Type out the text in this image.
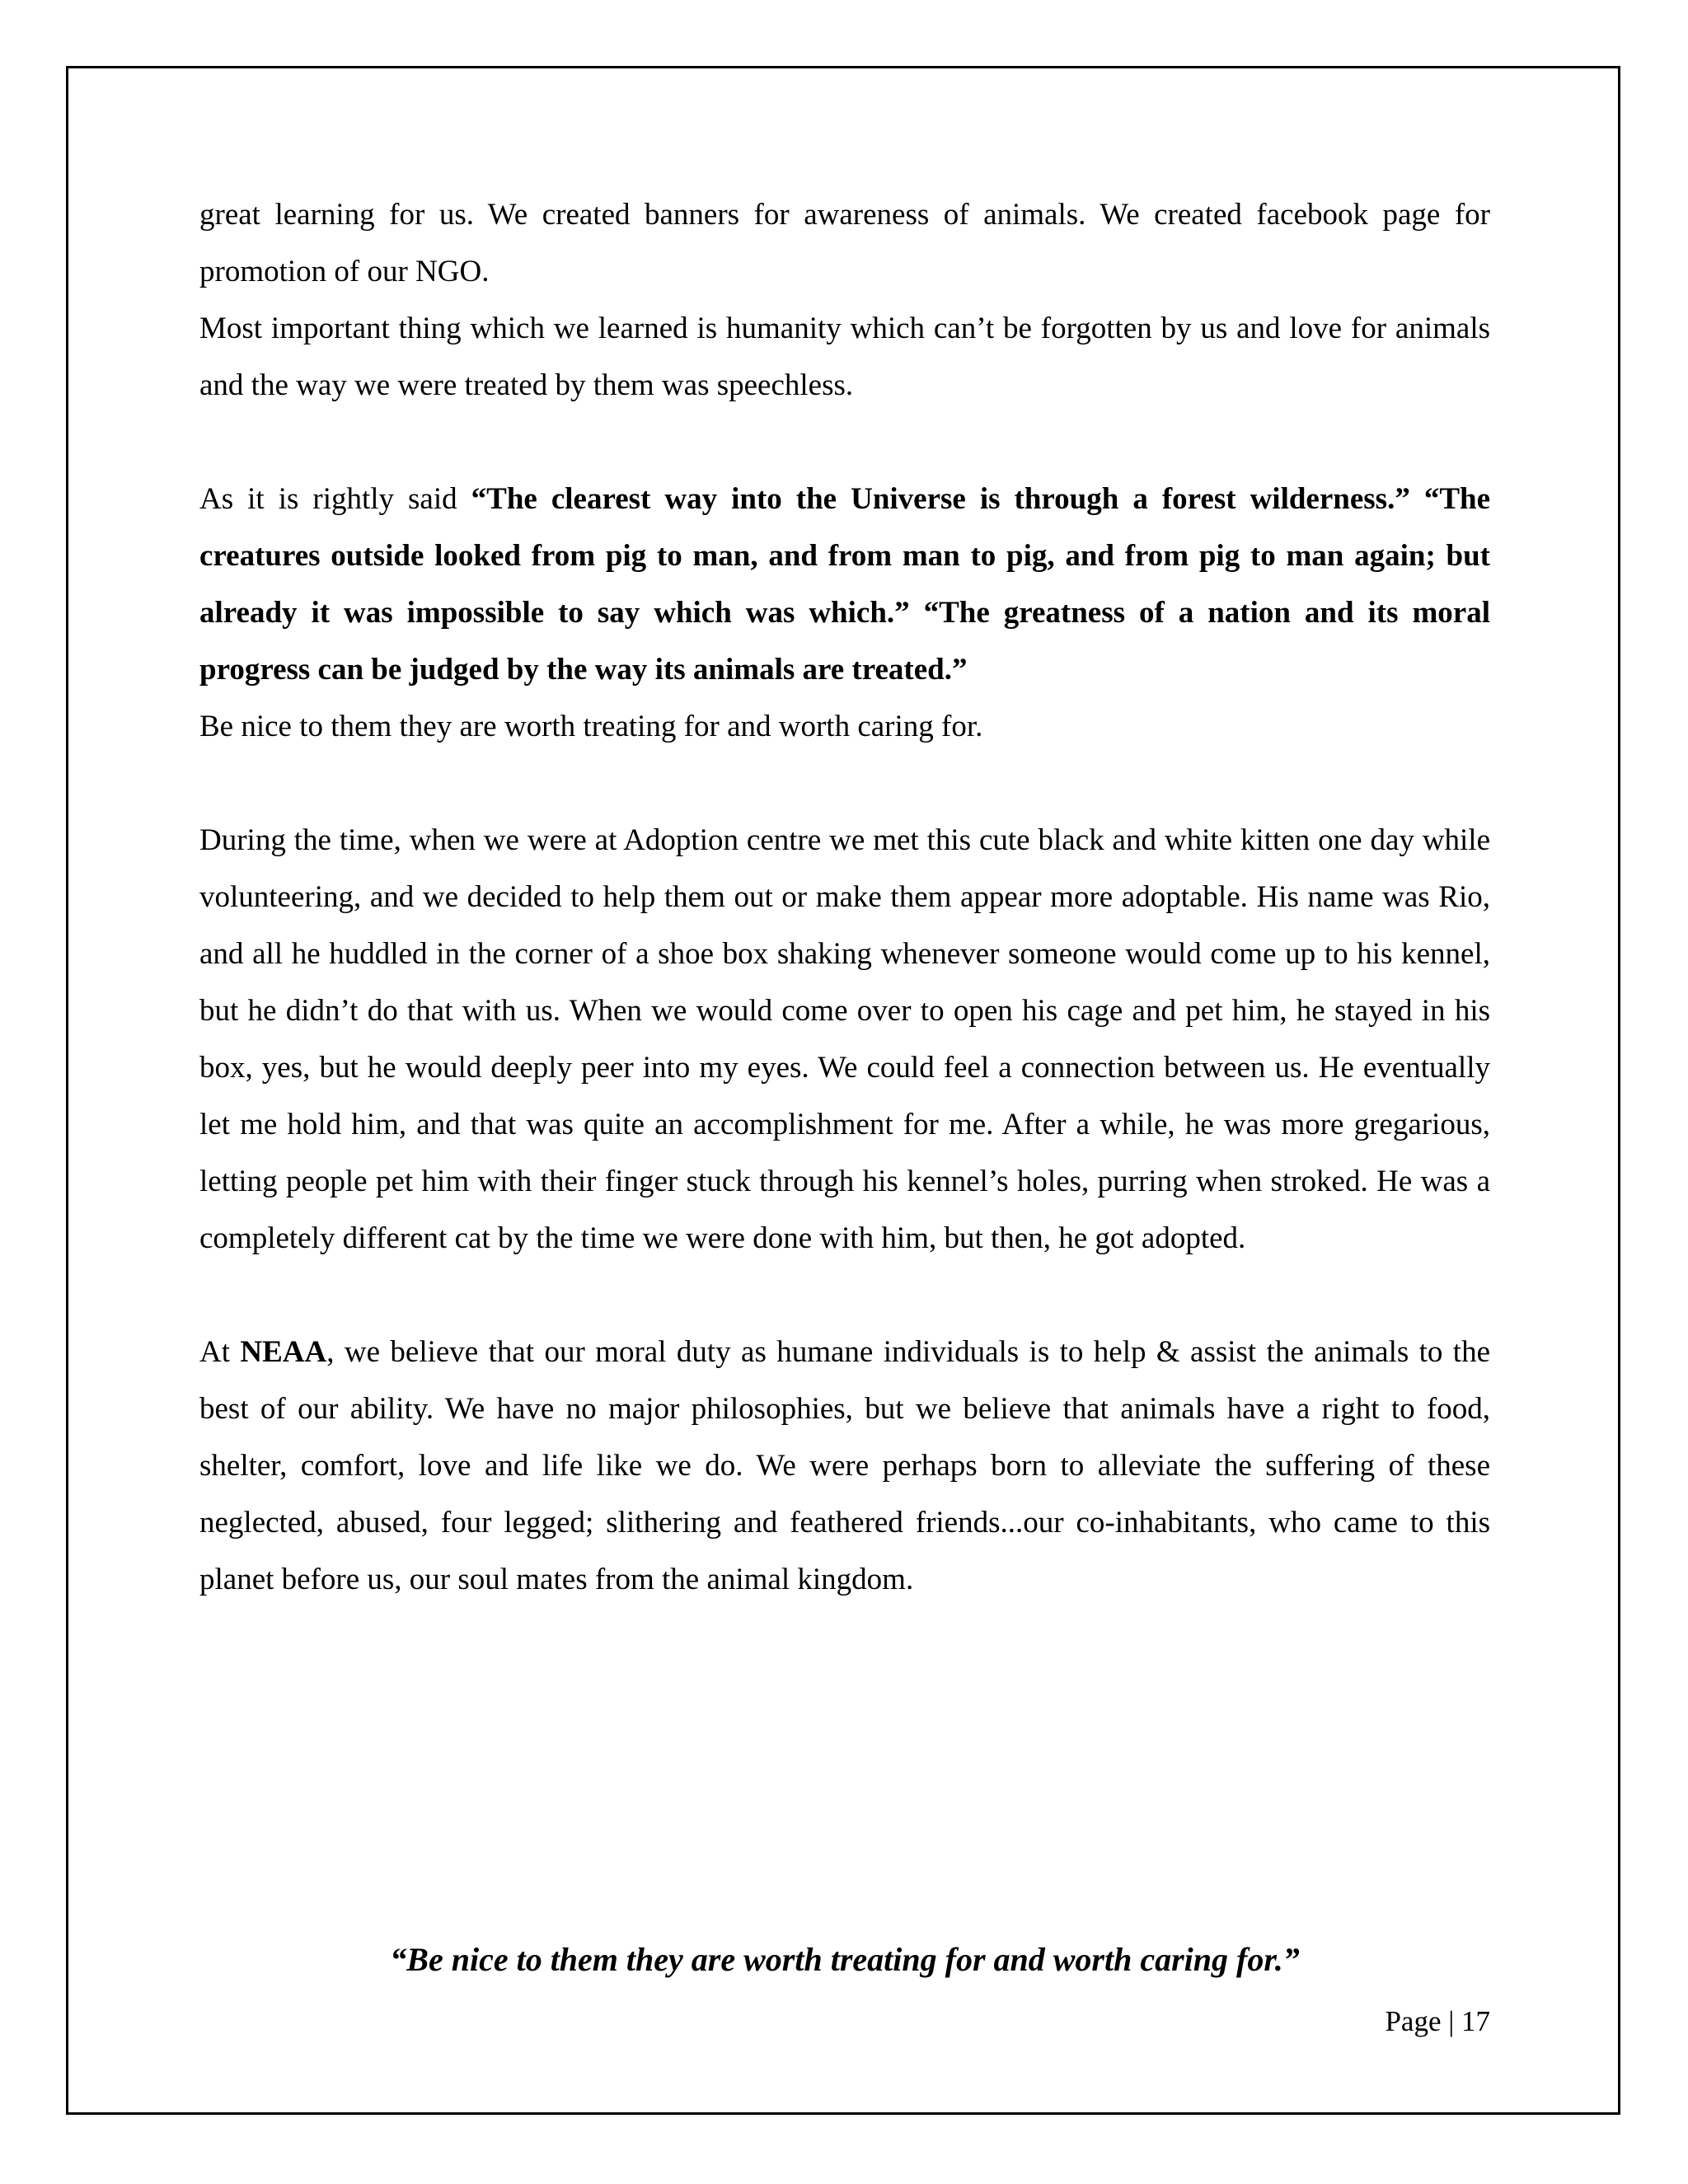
great learning for us. We created banners for awareness of animals. We created facebook page for promotion of our NGO.

Most important thing which we learned is humanity which can’t be forgotten by us and love for animals and the way we were treated by them was speechless.

As it is rightly said “The clearest way into the Universe is through a forest wilderness.” “The creatures outside looked from pig to man, and from man to pig, and from pig to man again; but already it was impossible to say which was which.” “The greatness of a nation and its moral progress can be judged by the way its animals are treated.”

Be nice to them they are worth treating for and worth caring for.

During the time, when we were at Adoption centre we met this cute black and white kitten one day while volunteering, and we decided to help them out or make them appear more adoptable. His name was Rio, and all he huddled in the corner of a shoe box shaking whenever someone would come up to his kennel, but he didn’t do that with us. When we would come over to open his cage and pet him, he stayed in his box, yes, but he would deeply peer into my eyes. We could feel a connection between us. He eventually let me hold him, and that was quite an accomplishment for me. After a while, he was more gregarious, letting people pet him with their finger stuck through his kennel’s holes, purring when stroked. He was a completely different cat by the time we were done with him, but then, he got adopted.

At NEAA, we believe that our moral duty as humane individuals is to help & assist the animals to the best of our ability. We have no major philosophies, but we believe that animals have a right to food, shelter, comfort, love and life like we do. We were perhaps born to alleviate the suffering of these neglected, abused, four legged; slithering and feathered friends...our co-inhabitants, who came to this planet before us, our soul mates from the animal kingdom.

“Be nice to them they are worth treating for and worth caring for.”
Page | 17
